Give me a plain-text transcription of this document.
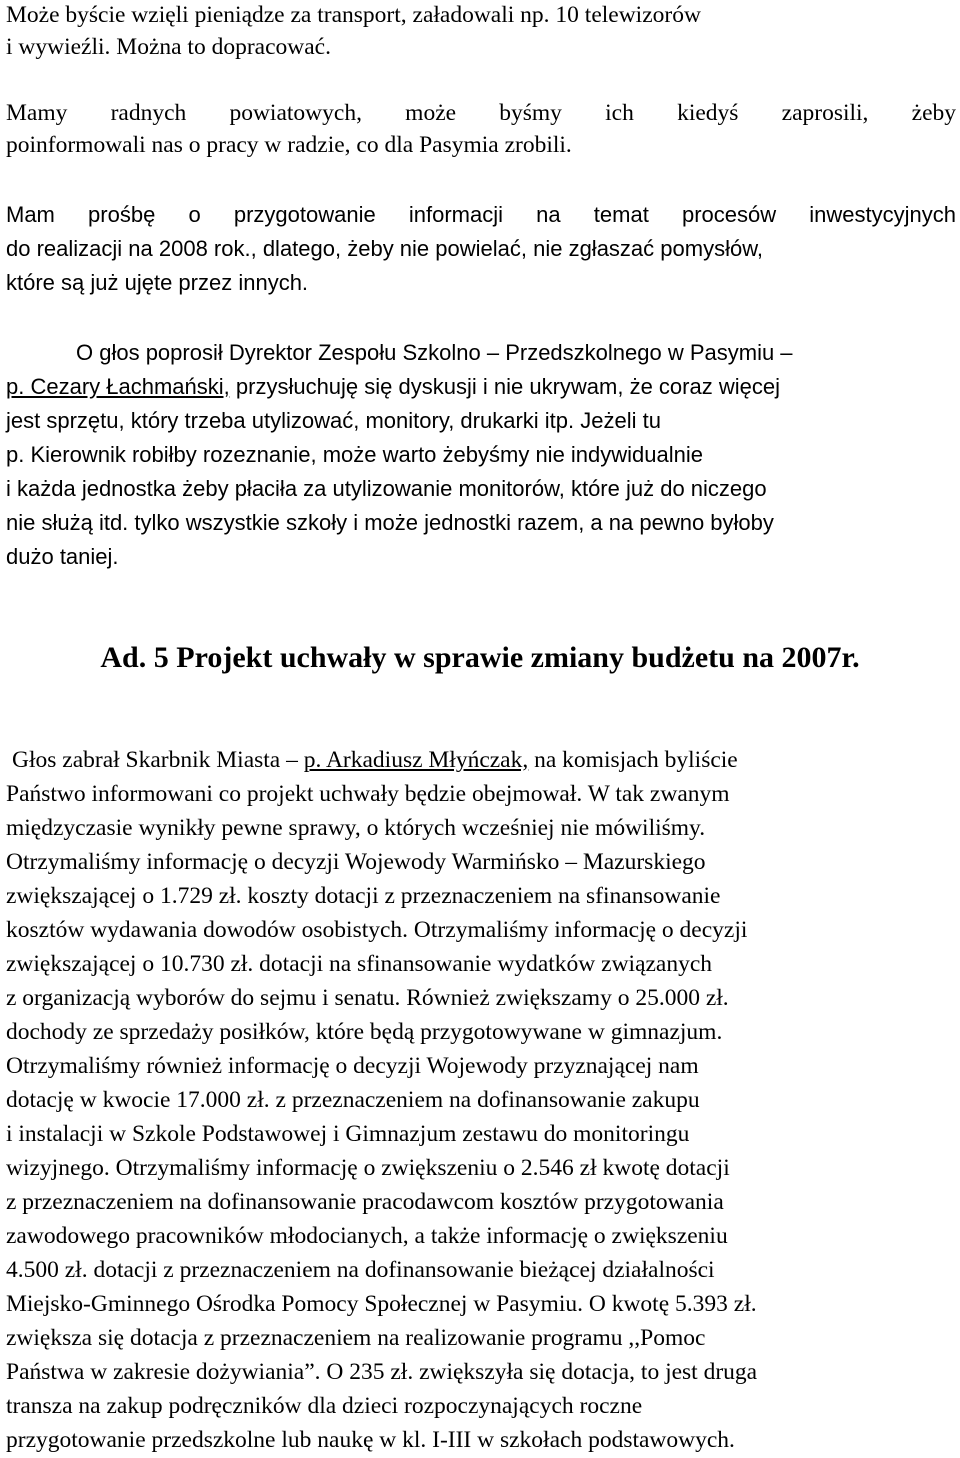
Może byście wzięli pieniądze za transport, załadowali np. 10 telewizorów
i wywieźli. Można to dopracować.
Mamy radnych powiatowych, może byśmy ich kiedyś zaprosili, żeby
poinformowali nas o pracy w radzie, co dla Pasymia zrobili.
Mam prośbę o przygotowanie informacji na temat procesów inwestycyjnych
do realizacji na 2008 rok., dlatego, żeby nie powielać, nie zgłaszać pomysłów,
które są już ujęte przez innych.
O głos poprosił Dyrektor Zespołu Szkolno – Przedszkolnego w Pasymiu –
p. Cezary Łachmański, przysłuchuję się dyskusji i nie ukrywam, że coraz więcej
jest sprzętu, który trzeba utylizować, monitory, drukarki itp. Jeżeli tu
p. Kierownik robiłby rozeznanie, może warto żebyśmy nie indywidualnie
i każda jednostka żeby płaciła za utylizowanie monitorów, które już do niczego
nie służą itd. tylko wszystkie szkoły i może jednostki razem, a na pewno byłoby
dużo taniej.
Ad. 5 Projekt uchwały w sprawie zmiany budżetu na 2007r.
Głos zabrał Skarbnik Miasta – p. Arkadiusz Młyńczak, na komisjach byliście
Państwo informowani co projekt uchwały będzie obejmował. W tak zwanym
międzyczasie wynikły pewne sprawy, o których wcześniej nie mówiliśmy.
Otrzymaliśmy informację o decyzji Wojewody Warmińsko – Mazurskiego
zwiększającej o 1.729 zł. koszty dotacji z przeznaczeniem na sfinansowanie
kosztów wydawania dowodów osobistych. Otrzymaliśmy informację o decyzji
zwiększającej o 10.730 zł. dotacji na sfinansowanie wydatków związanych
z organizacją wyborów do sejmu i senatu. Również zwiększamy o 25.000 zł.
dochody ze sprzedaży posiłków, które będą przygotowywane w gimnazjum.
Otrzymaliśmy również informację o decyzji Wojewody przyznającej nam
dotację w kwocie 17.000 zł. z przeznaczeniem na dofinansowanie zakupu
i instalacji w Szkole Podstawowej i Gimnazjum zestawu do monitoringu
wizyjnego. Otrzymaliśmy informację o zwiększeniu o 2.546 zł kwotę dotacji
z przeznaczeniem na dofinansowanie pracodawcom kosztów przygotowania
zawodowego pracowników młodocianych, a także informację o zwiększeniu
4.500 zł. dotacji z przeznaczeniem na dofinansowanie bieżącej działalności
Miejsko-Gminnego Ośrodka Pomocy Społecznej w Pasymiu. O kwotę 5.393 zł.
zwiększa się dotacja z przeznaczeniem na realizowanie programu ,,Pomoc
Państwa w zakresie dożywiania”. O 235 zł. zwiększyła się dotacja, to jest druga
transza na zakup podręczników dla dzieci rozpoczynających roczne
przygotowanie przedszkolne lub naukę w kl. I-III w szkołach podstawowych.
